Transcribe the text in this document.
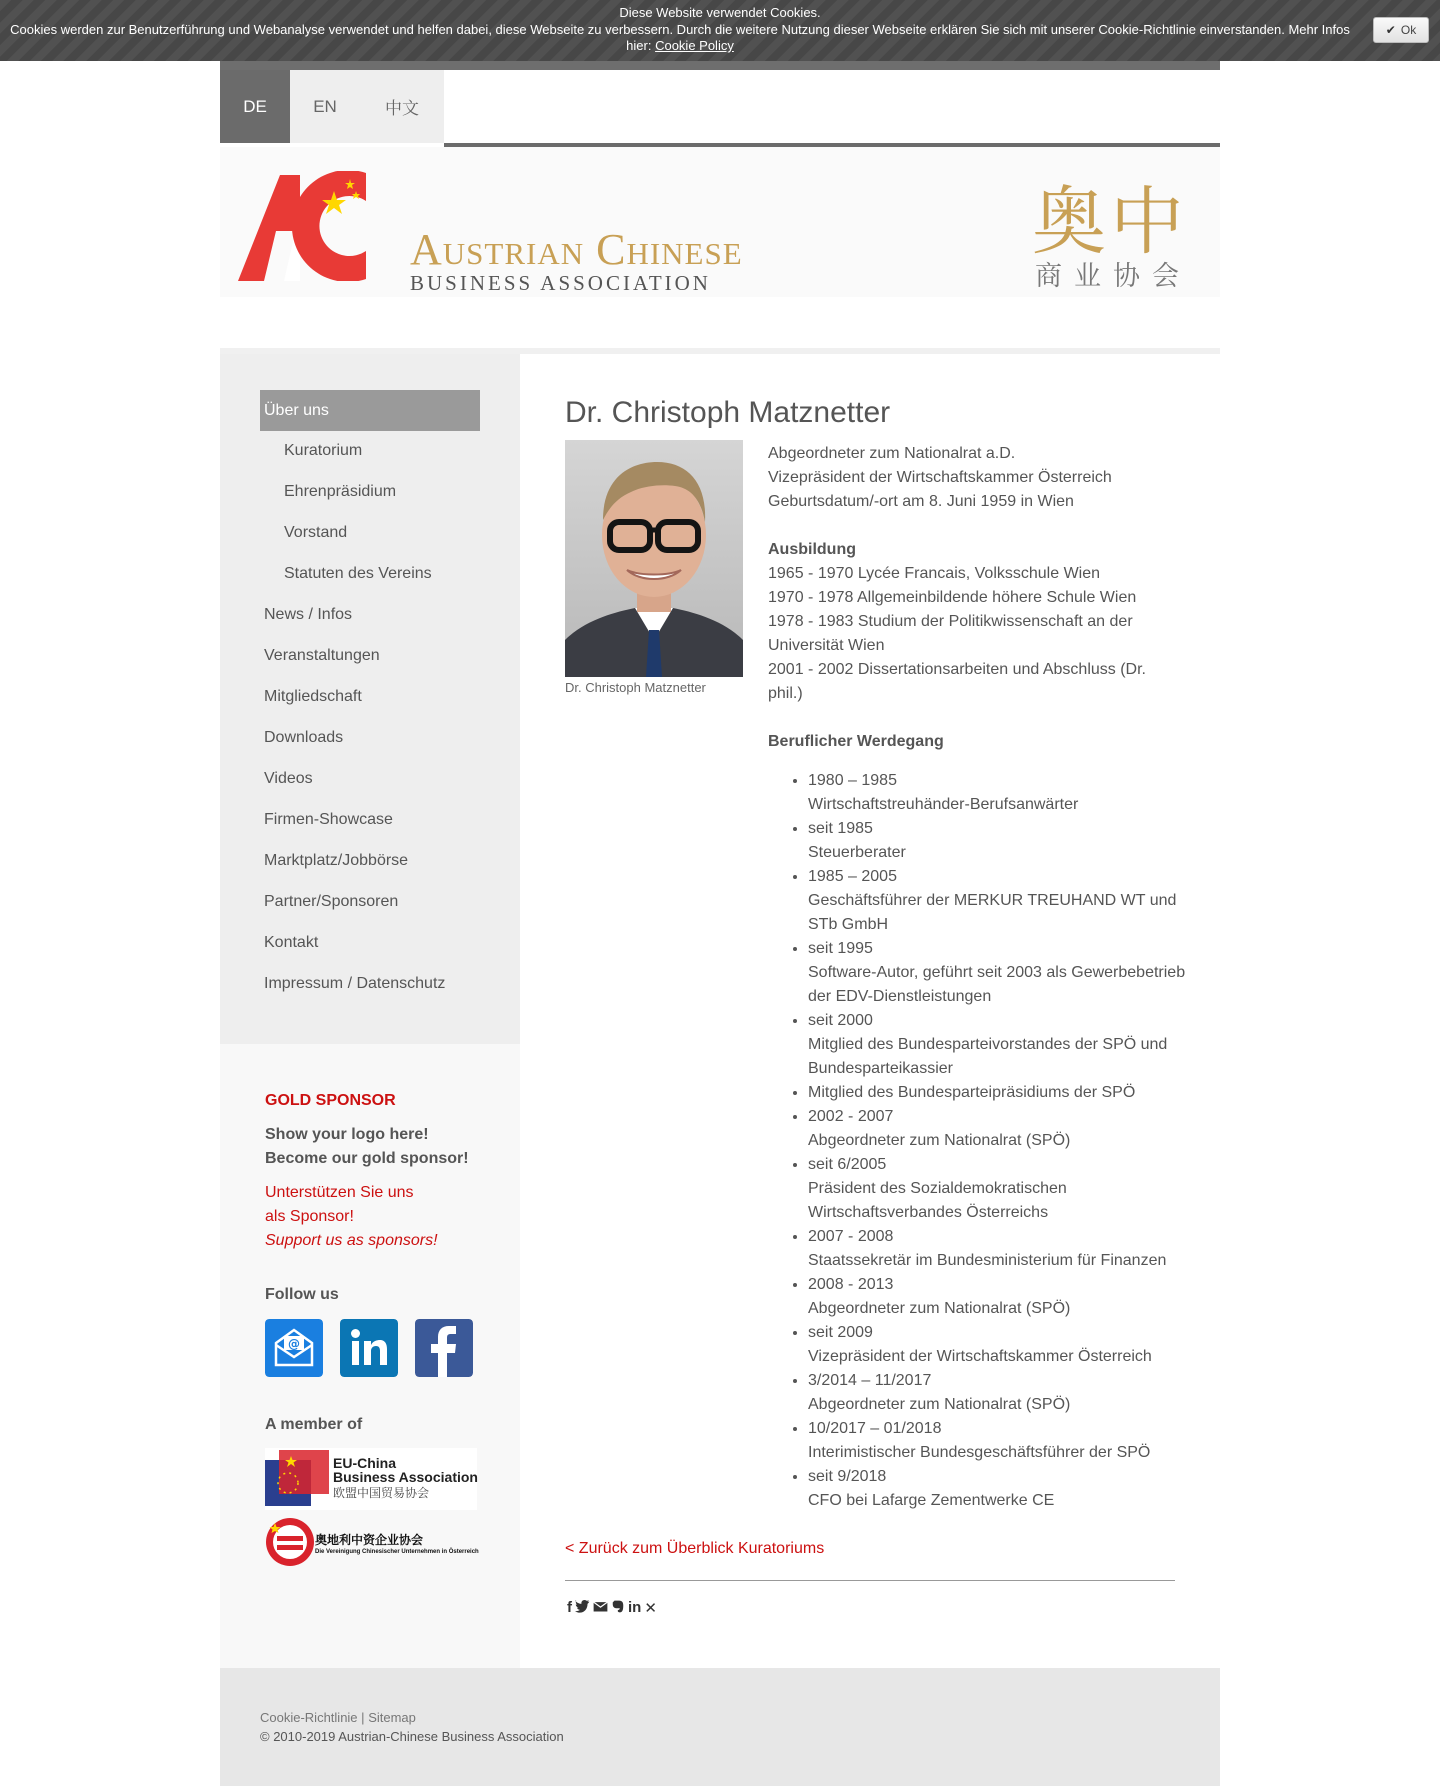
Diese Website verwendet Cookies.
Cookies werden zur Benutzerführung und Webanalyse verwendet und helfen dabei, diese Webseite zu verbessern. Durch die weitere Nutzung dieser Webseite erklären Sie sich mit unserer Cookie-Richtlinie einverstanden. Mehr Infos hier: Cookie Policy
✔ Ok
DE	EN	中文
Austrian Chinese
BUSINESS ASSOCIATION
奥中
商业协会
Über uns
Kuratorium
Ehrenpräsidium
Vorstand
Statuten des Vereins
News / Infos
Veranstaltungen
Mitgliedschaft
Downloads
Videos
Firmen-Showcase
Marktplatz/Jobbörse
Partner/Sponsoren
Kontakt
Impressum / Datenschutz
GOLD SPONSOR
Show your logo here!
Become our gold sponsor!
Unterstützen Sie uns
als Sponsor!
Support us as sponsors!
Follow us
@
A member of
EU-China
Business Association
欧盟中国贸易协会
奥地利中资企业协会
Die Vereinigung Chinesischer Unternehmen in Österreich
Dr. Christoph Matznetter
Dr. Christoph Matznetter
Abgeordneter zum Nationalrat a.D.
Vizepräsident der Wirtschaftskammer Österreich
Geburtsdatum/-ort am 8. Juni 1959 in Wien
Ausbildung
1965 - 1970 Lycée Francais, Volksschule Wien
1970 - 1978 Allgemeinbildende höhere Schule Wien
1978 - 1983 Studium der Politikwissenschaft an der Universität Wien
2001 - 2002 Dissertationsarbeiten und Abschluss (Dr. phil.)
Beruflicher Werdegang
• 1980 – 1985
Wirtschaftstreuhänder-Berufsanwärter
• seit 1985
Steuerberater
• 1985 – 2005
Geschäftsführer der MERKUR TREUHAND WT und STb GmbH
• seit 1995
Software-Autor, geführt seit 2003 als Gewerbebetrieb der EDV-Dienstleistungen
• seit 2000
Mitglied des Bundesparteivorstandes der SPÖ und Bundesparteikassier
• Mitglied des Bundesparteipräsidiums der SPÖ
• 2002 - 2007
Abgeordneter zum Nationalrat (SPÖ)
• seit 6/2005
Präsident des Sozialdemokratischen Wirtschaftsverbandes Österreichs
• 2007 - 2008
Staatssekretär im Bundesministerium für Finanzen
• 2008 - 2013
Abgeordneter zum Nationalrat (SPÖ)
• seit 2009
Vizepräsident der Wirtschaftskammer Österreich
• 3/2014 – 11/2017
Abgeordneter zum Nationalrat (SPÖ)
• 10/2017 – 01/2018
Interimistischer Bundesgeschäftsführer der SPÖ
• seit 9/2018
CFO bei Lafarge Zementwerke CE
< Zurück zum Überblick Kuratoriums
f	in ✕
Cookie-Richtlinie | Sitemap
© 2010-2019 Austrian-Chinese Business Association
